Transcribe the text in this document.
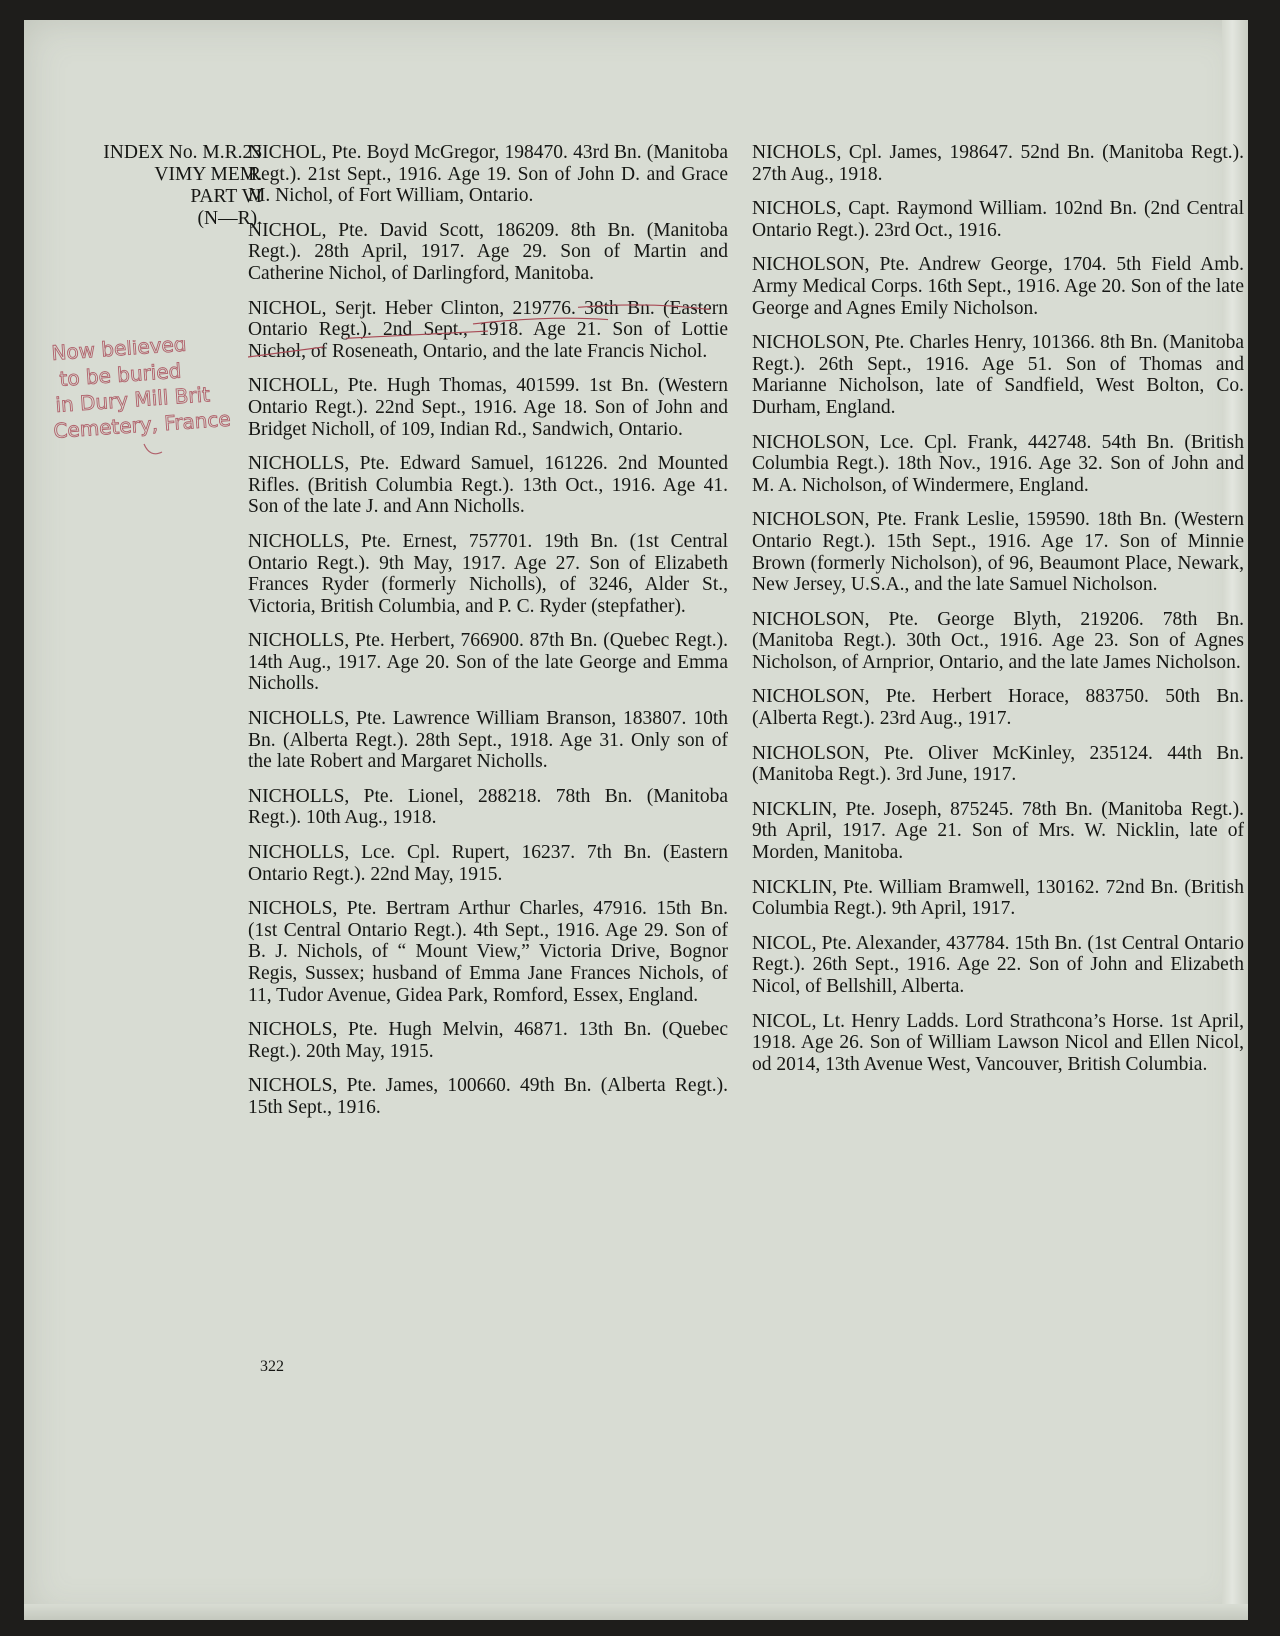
INDEX No. M.R.23
VIMY MEM.
PART VI
(N—R).

NICHOL, Pte. Boyd McGregor, 198470. 43rd Bn. (Manitoba Regt.). 21st Sept., 1916. Age 19. Son of John D. and Grace M. Nichol, of Fort William, Ontario.

NICHOL, Pte. David Scott, 186209. 8th Bn. (Manitoba Regt.). 28th April, 1917. Age 29. Son of Martin and Catherine Nichol, of Darlingford, Manitoba.

NICHOL, Serjt. Heber Clinton, 219776. 38th Bn. (Eastern Ontario Regt.). 2nd Sept., 1918. Age 21. Son of Lottie Nichol, of Roseneath, Ontario, and the late Francis Nichol.

NICHOLL, Pte. Hugh Thomas, 401599. 1st Bn. (Western Ontario Regt.). 22nd Sept., 1916. Age 18. Son of John and Bridget Nicholl, of 109, Indian Rd., Sandwich, Ontario.

NICHOLLS, Pte. Edward Samuel, 161226. 2nd Mounted Rifles. (British Columbia Regt.). 13th Oct., 1916. Age 41. Son of the late J. and Ann Nicholls.

NICHOLLS, Pte. Ernest, 757701. 19th Bn. (1st Central Ontario Regt.). 9th May, 1917. Age 27. Son of Elizabeth Frances Ryder (formerly Nicholls), of 3246, Alder St., Victoria, British Columbia, and P. C. Ryder (stepfather).

NICHOLLS, Pte. Herbert, 766900. 87th Bn. (Quebec Regt.). 14th Aug., 1917. Age 20. Son of the late George and Emma Nicholls.

NICHOLLS, Pte. Lawrence William Branson, 183807. 10th Bn. (Alberta Regt.). 28th Sept., 1918. Age 31. Only son of the late Robert and Margaret Nicholls.

NICHOLLS, Pte. Lionel, 288218. 78th Bn. (Manitoba Regt.). 10th Aug., 1918.

NICHOLLS, Lce. Cpl. Rupert, 16237. 7th Bn. (Eastern Ontario Regt.). 22nd May, 1915.

NICHOLS, Pte. Bertram Arthur Charles, 47916. 15th Bn. (1st Central Ontario Regt.). 4th Sept., 1916. Age 29. Son of B. J. Nichols, of “ Mount View,” Victoria Drive, Bognor Regis, Sussex; husband of Emma Jane Frances Nichols, of 11, Tudor Avenue, Gidea Park, Romford, Essex, England.

NICHOLS, Pte. Hugh Melvin, 46871. 13th Bn. (Quebec Regt.). 20th May, 1915.

NICHOLS, Pte. James, 100660. 49th Bn. (Alberta Regt.). 15th Sept., 1916.

NICHOLS, Cpl. James, 198647. 52nd Bn. (Manitoba Regt.). 27th Aug., 1918.

NICHOLS, Capt. Raymond William. 102nd Bn. (2nd Central Ontario Regt.). 23rd Oct., 1916.

NICHOLSON, Pte. Andrew George, 1704. 5th Field Amb. Army Medical Corps. 16th Sept., 1916. Age 20. Son of the late George and Agnes Emily Nicholson.

NICHOLSON, Pte. Charles Henry, 101366. 8th Bn. (Manitoba Regt.). 26th Sept., 1916. Age 51. Son of Thomas and Marianne Nicholson, late of Sandfield, West Bolton, Co. Durham, England.

NICHOLSON, Lce. Cpl. Frank, 442748. 54th Bn. (British Columbia Regt.). 18th Nov., 1916. Age 32. Son of John and M. A. Nicholson, of Windermere, England.

NICHOLSON, Pte. Frank Leslie, 159590. 18th Bn. (Western Ontario Regt.). 15th Sept., 1916. Age 17. Son of Minnie Brown (formerly Nicholson), of 96, Beaumont Place, Newark, New Jersey, U.S.A., and the late Samuel Nicholson.

NICHOLSON, Pte. George Blyth, 219206. 78th Bn. (Manitoba Regt.). 30th Oct., 1916. Age 23. Son of Agnes Nicholson, of Arnprior, Ontario, and the late James Nicholson.

NICHOLSON, Pte. Herbert Horace, 883750. 50th Bn. (Alberta Regt.). 23rd Aug., 1917.

NICHOLSON, Pte. Oliver McKinley, 235124. 44th Bn. (Manitoba Regt.). 3rd June, 1917.

NICKLIN, Pte. Joseph, 875245. 78th Bn. (Manitoba Regt.). 9th April, 1917. Age 21. Son of Mrs. W. Nicklin, late of Morden, Manitoba.

NICKLIN, Pte. William Bramwell, 130162. 72nd Bn. (British Columbia Regt.). 9th April, 1917.

NICOL, Pte. Alexander, 437784. 15th Bn. (1st Central Ontario Regt.). 26th Sept., 1916. Age 22. Son of John and Elizabeth Nicol, of Bellshill, Alberta.

NICOL, Lt. Henry Ladds. Lord Strathcona’s Horse. 1st April, 1918. Age 26. Son of William Lawson Nicol and Ellen Nicol, od 2014, 13th Avenue West, Vancouver, British Columbia.

Now believed
to be buried
in Dury Mill Brit
Cemetery, France
322
